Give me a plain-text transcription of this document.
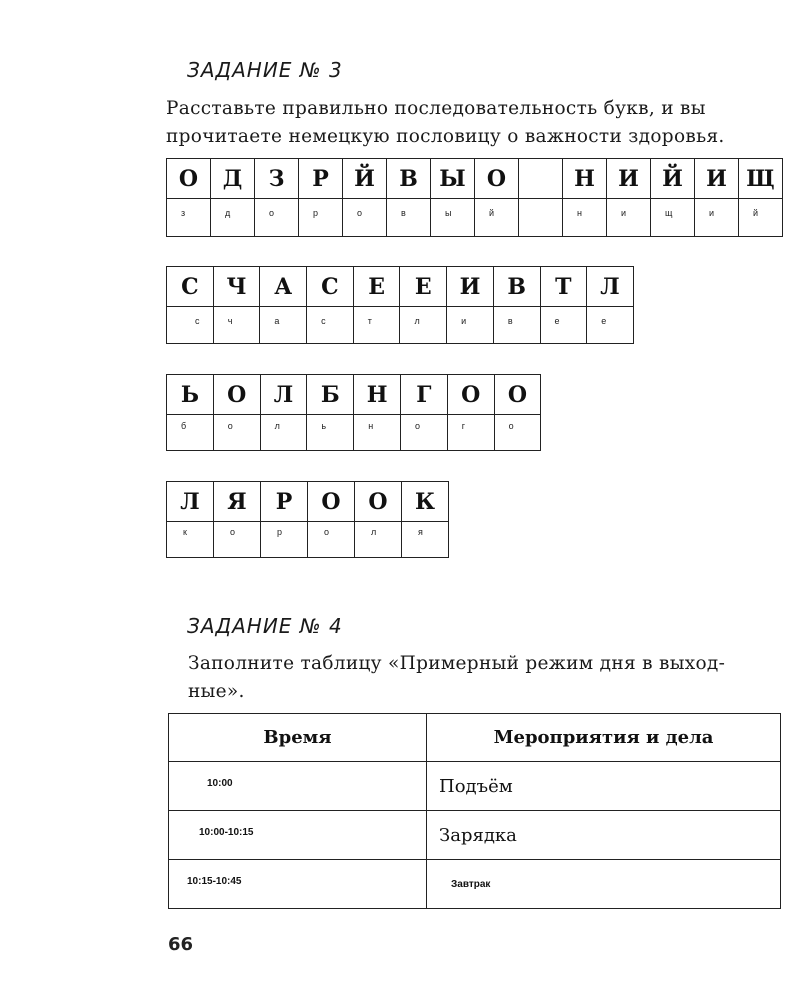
ЗАДАНИЕ № 3

Расставьте правильно последовательность букв, и вы
прочитаете немецкую пословицу о важности здоровья.

О	Д	З	Р	Й	В	Ы	О		Н	И	Й	И	Щ
з	д	о	р	о	в	ы	й		н	и	щ	и	й
С	Ч	А	С	Е	Е	И	В	Т	Л
с	ч	а	с	т	л	и	в	е	е
Ь	О	Л	Б	Н	Г	О	О
б	о	л	ь	н	о	г	о
Л	Я	Р	О	О	К
к	о	р	о	л	я
ЗАДАНИЕ № 4

Заполните таблицу «Примерный режим дня в выход-
ные».

Время	Мероприятия и дела
10:00	Подъём
10:00-10:15	Зарядка
10:15-10:45	Завтрак
66
